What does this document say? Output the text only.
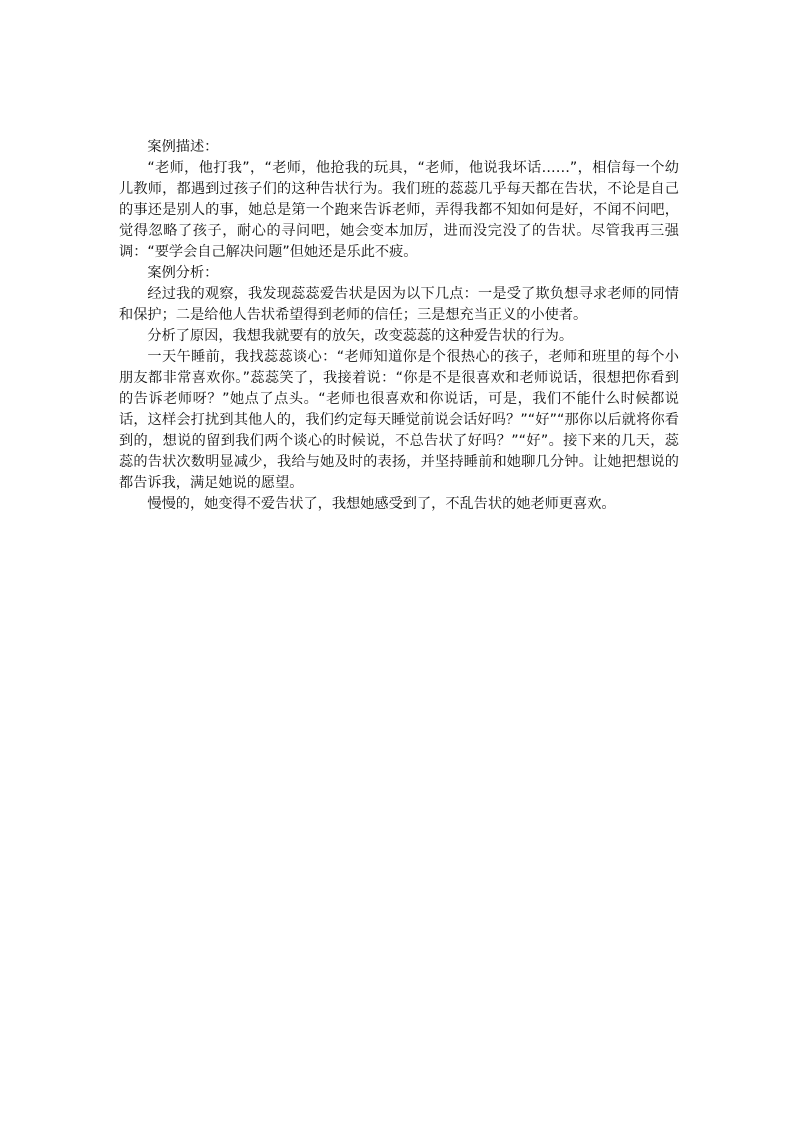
案例描述：

“老师，他打我”，“老师，他抢我的玩具，“老师，他说我坏话……”，相信每一个幼儿教师，都遇到过孩子们的这种告状行为。我们班的蕊蕊几乎每天都在告状，不论是自己的事还是别人的事，她总是第一个跑来告诉老师，弄得我都不知如何是好，不闻不问吧，觉得忽略了孩子，耐心的寻问吧，她会变本加厉，进而没完没了的告状。尽管我再三强调：“要学会自己解决问题”但她还是乐此不疲。

案例分析：

经过我的观察，我发现蕊蕊爱告状是因为以下几点：一是受了欺负想寻求老师的同情和保护；二是给他人告状希望得到老师的信任；三是想充当正义的小使者。

分析了原因，我想我就要有的放矢，改变蕊蕊的这种爱告状的行为。

一天午睡前，我找蕊蕊谈心：“老师知道你是个很热心的孩子，老师和班里的每个小朋友都非常喜欢你。”蕊蕊笑了，我接着说：“你是不是很喜欢和老师说话，很想把你看到的告诉老师呀？”她点了点头。“老师也很喜欢和你说话，可是，我们不能什么时候都说话，这样会打扰到其他人的，我们约定每天睡觉前说会话好吗？”“好”“那你以后就将你看到的，想说的留到我们两个谈心的时候说，不总告状了好吗？”“好”。接下来的几天，蕊蕊的告状次数明显减少，我给与她及时的表扬，并坚持睡前和她聊几分钟。让她把想说的都告诉我，满足她说的愿望。

慢慢的，她变得不爱告状了，我想她感受到了，不乱告状的她老师更喜欢。
